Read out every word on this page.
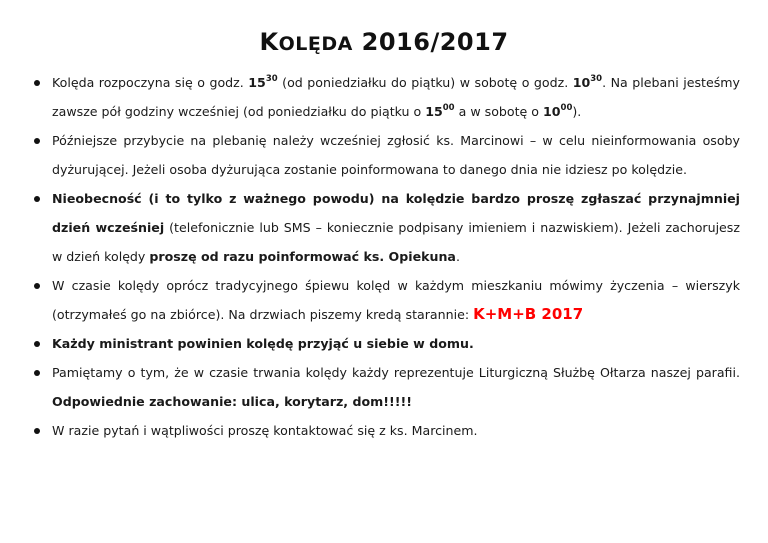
KOLĘDA 2016/2017
Kolęda rozpoczyna się o godz. $15^{30}$ (od poniedziałku do piątku) w sobotę o godz. $10^{30}$. Na plebani jesteśmy zawsze pół godziny wcześniej (od poniedziałku do piątku o $15^{00}$ a w sobotę o $10^{00}$).
Późniejsze przybycie na plebanię należy wcześniej zgłosić ks. Marcinowi – w celu nieinformowania osoby dyżurującej. Jeżeli osoba dyżurująca zostanie poinformowana to danego dnia nie idziesz po kolędzie.
Nieobecność (i to tylko z ważnego powodu) na kolędzie bardzo proszę zgłaszać przynajmniej dzień wcześniej (telefonicznie lub SMS – koniecznie podpisany imieniem i nazwiskiem). Jeżeli zachorujesz w dzień kolędy proszę od razu poinformować ks. Opiekuna.
W czasie kolędy oprócz tradycyjnego śpiewu kolęd w każdym mieszkaniu mówimy życzenia – wierszyk (otrzymałeś go na zbiórce). Na drzwiach piszemy kredą starannie: K+M+B 2017
Każdy ministrant powinien kolędę przyjąć u siebie w domu.
Pamiętamy o tym, że w czasie trwania kolędy każdy reprezentuje Liturgiczną Służbę Ołtarza naszej parafii. Odpowiednie zachowanie: ulica, korytarz, dom!!!!!
W razie pytań i wątpliwości proszę kontaktować się z ks. Marcinem.
